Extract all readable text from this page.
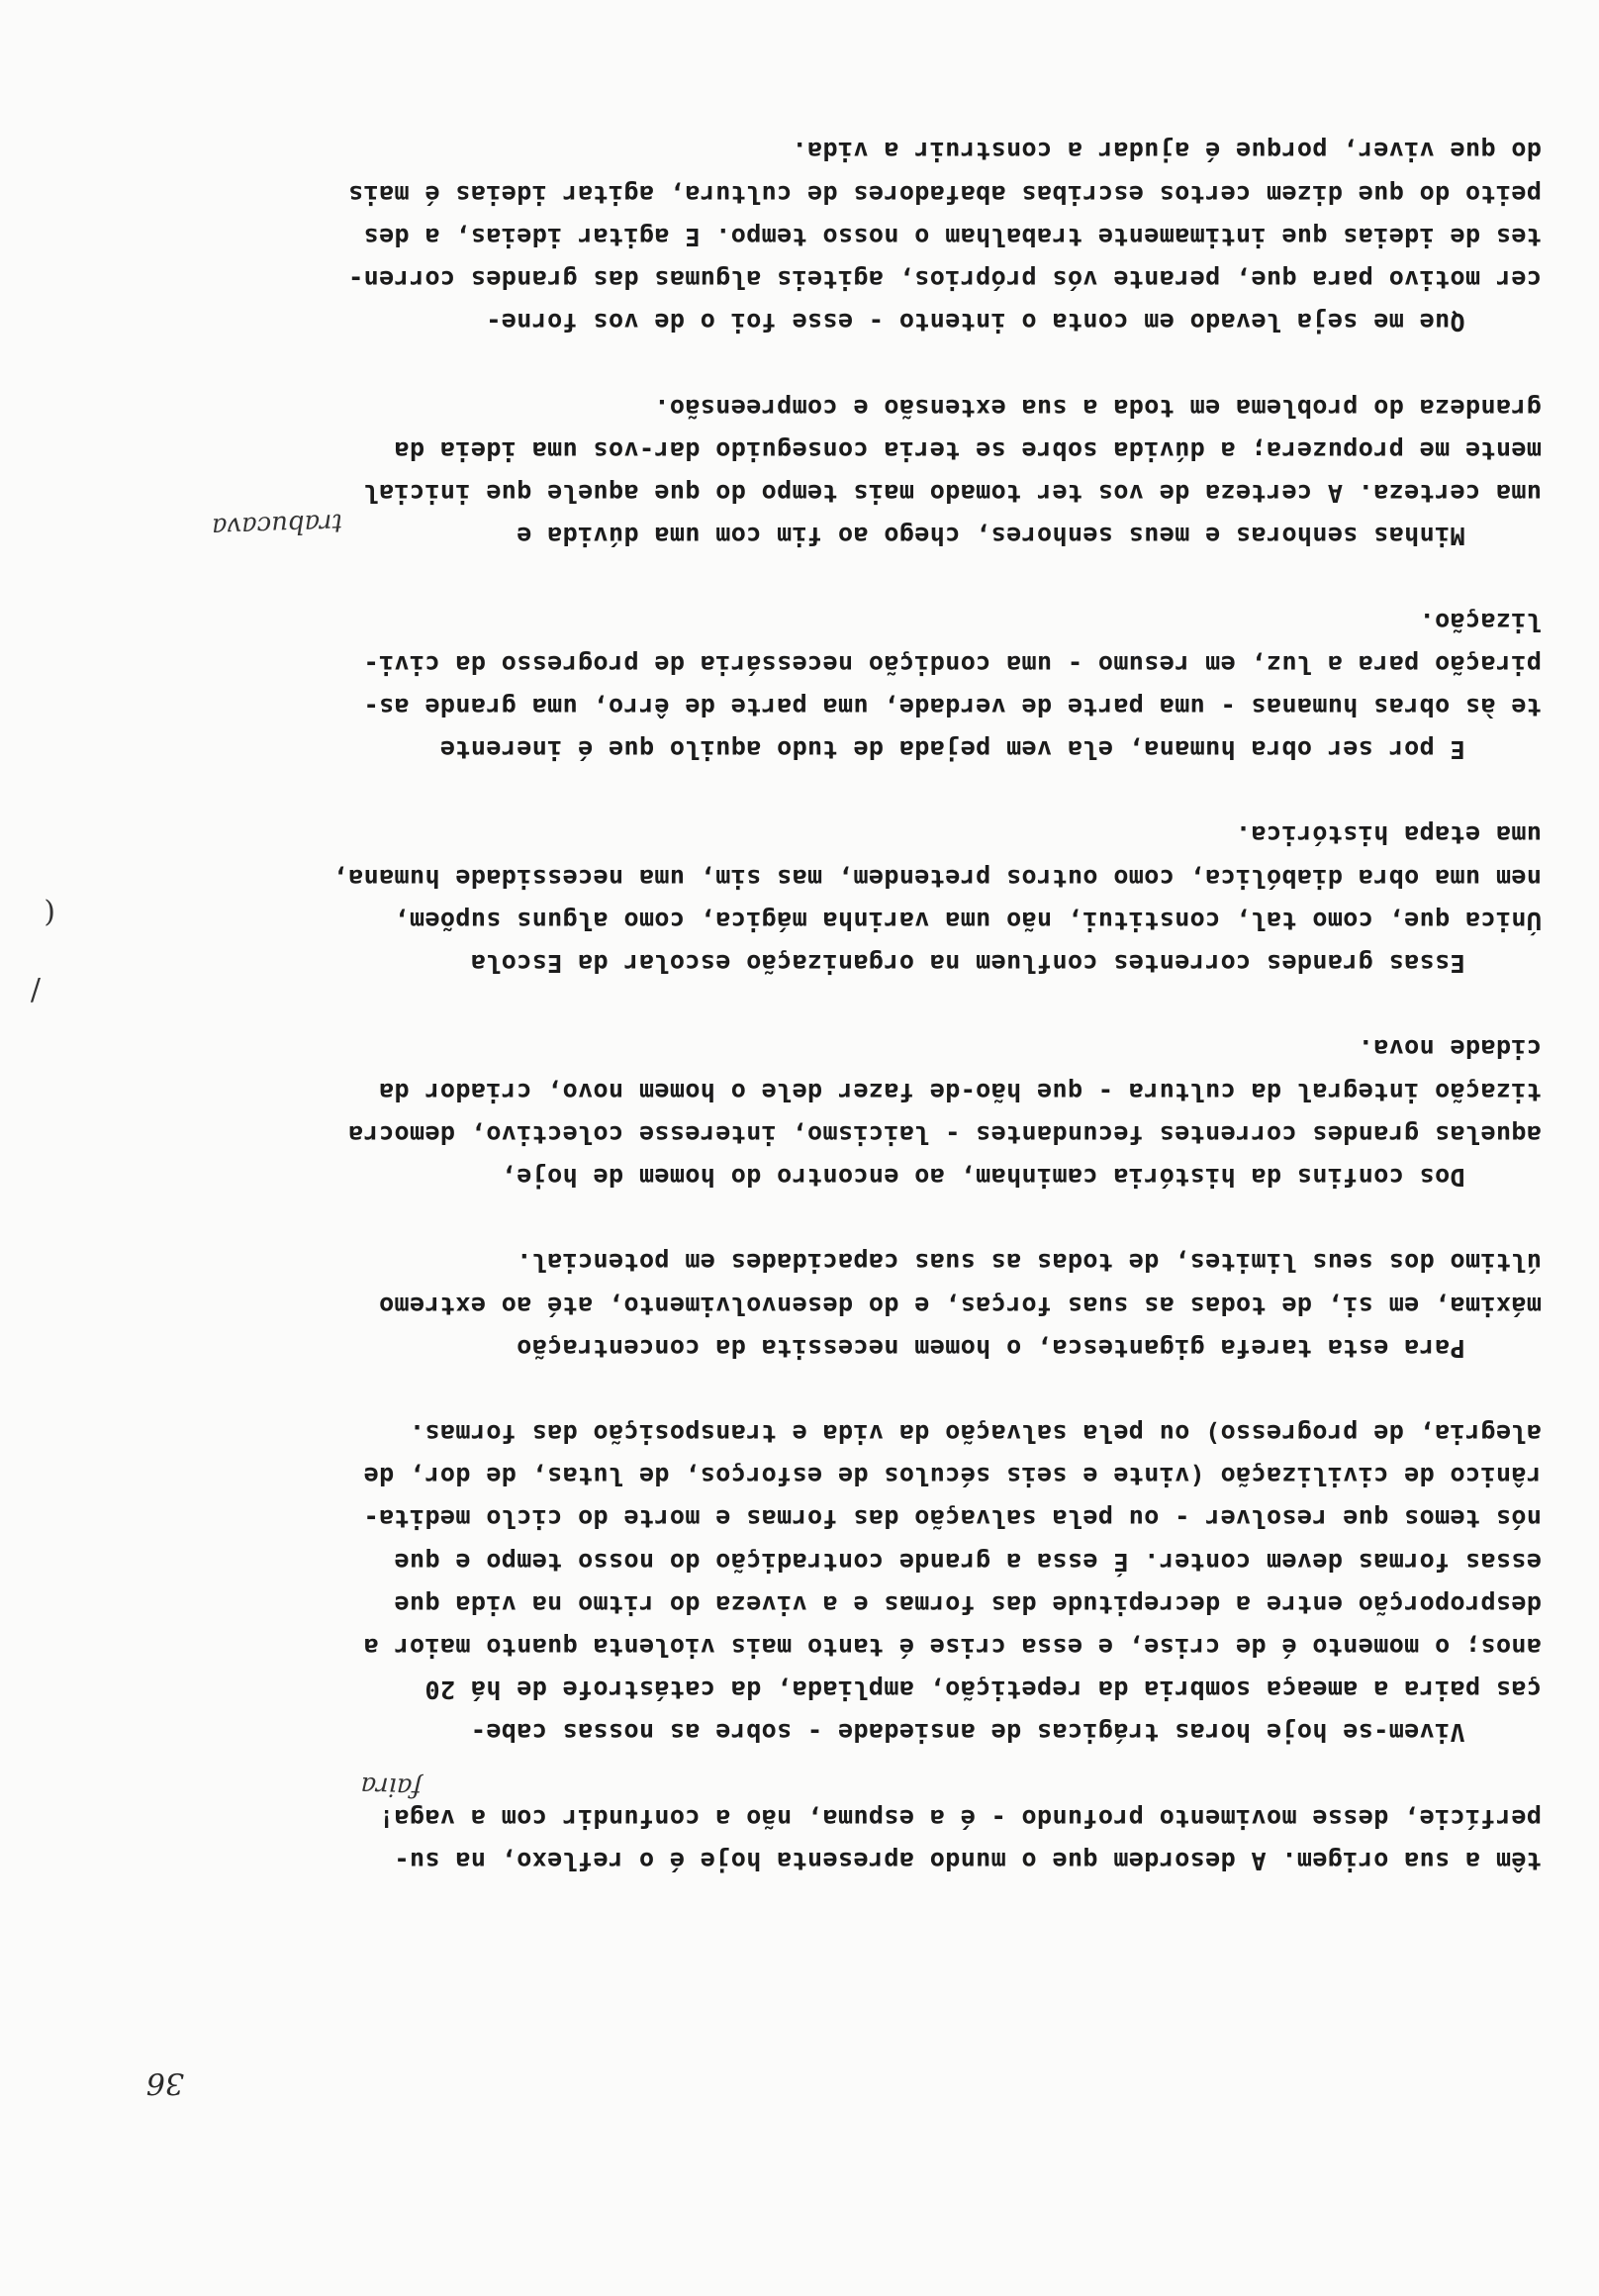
têm a sua origem. A desordem que o mundo apresenta hoje é o reflexo, na su-
perfície, desse movimento profundo - é a espuma, não a confundir com a vaga!
Vivem-se hoje horas trágicas de ansiedade - sobre as nossas cabe-
ças paira a ameaça sombria da repetição, ampliada, da catástrofe de há 20
anos; o momento é de crise, e essa crise é tanto mais violenta quanto maior a
desproporção entre a decrepitude das formas e a viveza do ritmo na vida que
essas formas devem conter. É essa a grande contradição do nosso tempo e que
nós temos que resolver - ou pela salvação das formas e morte do ciclo medita-
rânico de civilização (vinte e seis séculos de esforços, de lutas, de dor, de
alegria, de progresso) ou pela salvação da vida e transposição das formas.
Para esta tarefa gigantesca, o homem necessita da concentração
máxima, em si, de todas as suas forças, e do desenvolvimento, até ao extremo
último dos seus limites, de todas as suas capacidades em potencial.
Dos confins da história caminham, ao encontro do homem de hoje,
aquelas grandes correntes fecundantes - laicismo, interesse colectivo, democra
tização integral da cultura - que hão-de fazer dele o homem novo, criador da
cidade nova.
Essas grandes correntes confluem na organização escolar da Escola
Única que, como tal, constitui, não uma varinha mágica, como alguns supõem,
nem uma obra diabólica, como outros pretendem, mas sim, uma necessidade humana,
uma etapa histórica.
E por ser obra humana, ela vem pejada de tudo aquilo que é inerente
te às obras humanas - uma parte de verdade, uma parte de êrro, uma grande as-
piração para a luz, em resumo - uma condição necessária de progresso da civi-
lização.
Minhas senhoras e meus senhores, chego ao fim com uma dúvida e
uma certeza. A certeza de vos ter tomado mais tempo do que aquele que inicial
mente me propuzera; a dúvida sobre se teria conseguido dar-vos uma ideia da
grandeza do problema em toda a sua extensão e compreensão.
Que me seja levado em conta o intento - esse foi o de vos forne-
cer motivo para que, perante vós próprios, agiteis algumas das grandes corren-
tes de ideias que intimamente trabalham o nosso tempo. E agitar ideias, a des
peito do que dizem certos escribas abafadores de cultura, agitar ideias é mais
do que viver, porque é ajudar a construir a vida.
36
faira
trabucava
/
(
